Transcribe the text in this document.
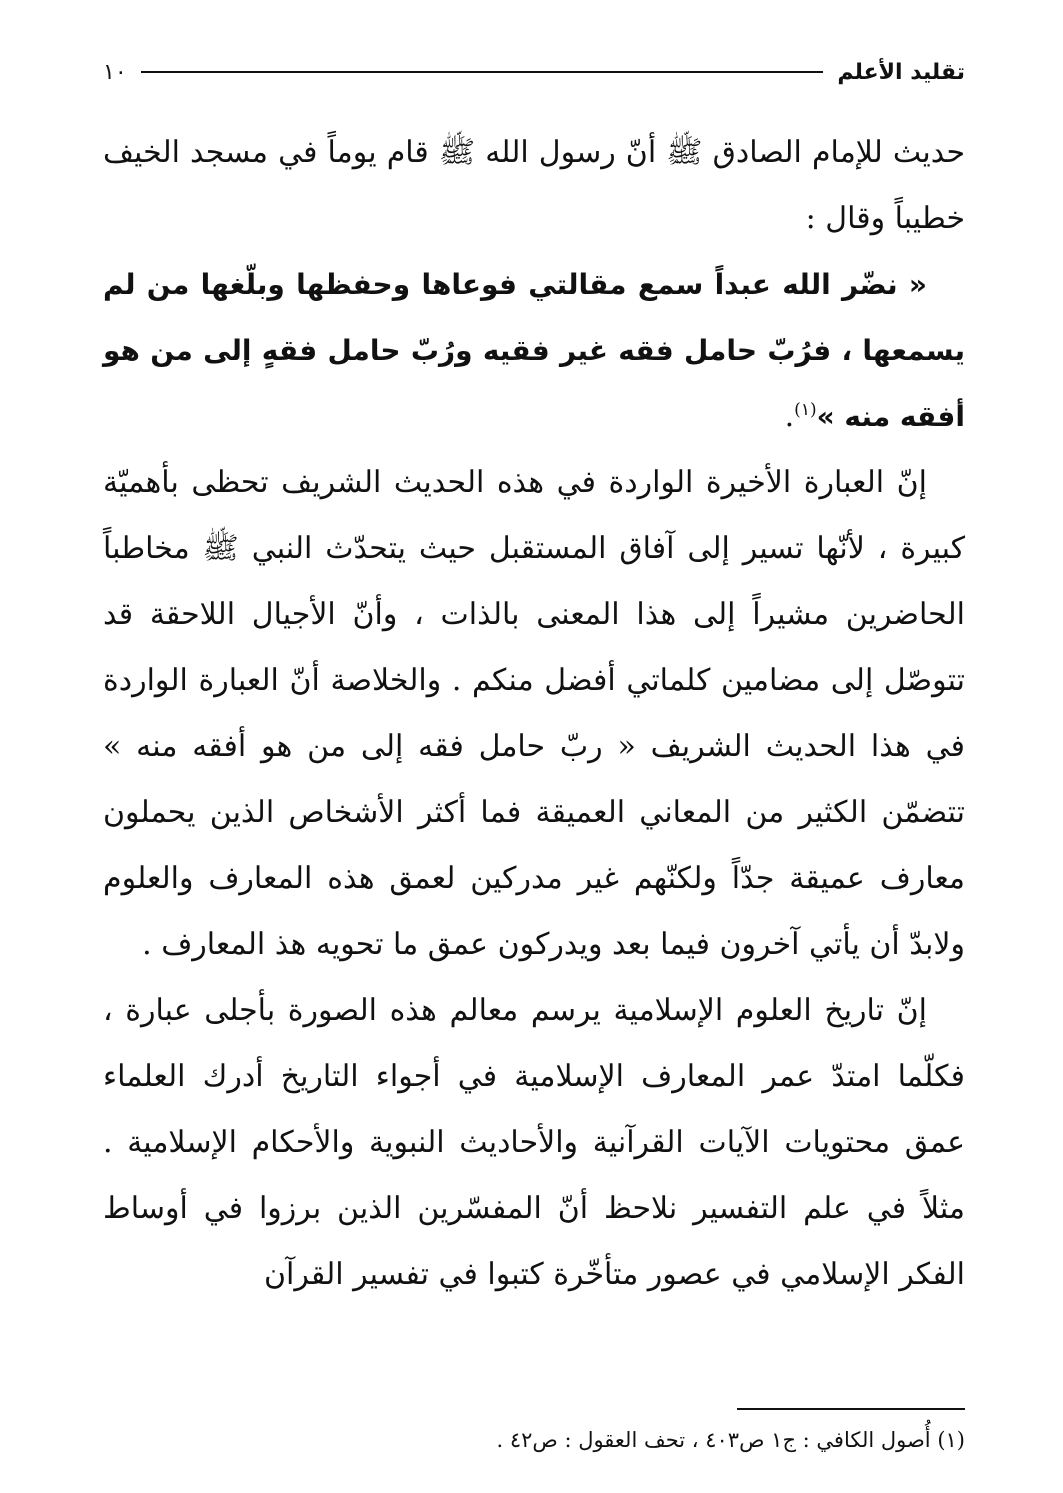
تقليد الأعلم
١٠

حديث للإمام الصادق ﷺ أنّ رسول الله ﷺ قام يوماً في مسجد الخيف خطيباً وقال :

« نضّر الله عبداً سمع مقالتي فوعاها وحفظها وبلّغها من لم يسمعها ، فرُبّ حامل فقه غير فقيه ورُبّ حامل فقهٍ إلى من هو أفقه منه »$^{(١)}$.

إنّ العبارة الأخيرة الواردة في هذه الحديث الشريف تحظى بأهميّة كبيرة ، لأنّها تسير إلى آفاق المستقبل حيث يتحدّث النبي ﷺ مخاطباً الحاضرين مشيراً إلى هذا المعنى بالذات ، وأنّ الأجيال اللاحقة قد تتوصّل إلى مضامين كلماتي أفضل منكم . والخلاصة أنّ العبارة الواردة في هذا الحديث الشريف « ربّ حامل فقه إلى من هو أفقه منه » تتضمّن الكثير من المعاني العميقة فما أكثر الأشخاص الذين يحملون معارف عميقة جدّاً ولكنّهم غير مدركين لعمق هذه المعارف والعلوم ولابدّ أن يأتي آخرون فيما بعد ويدركون عمق ما تحويه هذ المعارف .

إنّ تاريخ العلوم الإسلامية يرسم معالم هذه الصورة بأجلى عبارة ، فكلّما امتدّ عمر المعارف الإسلامية في أجواء التاريخ أدرك العلماء عمق محتويات الآيات القرآنية والأحاديث النبوية والأحكام الإسلامية . مثلاً في علم التفسير نلاحظ أنّ المفسّرين الذين برزوا في أوساط الفكر الإسلامي في عصور متأخّرة كتبوا في تفسير القرآن

(١) أُصول الكافي : ج١ ص٤٠٣ ، تحف العقول : ص٤٢ .
